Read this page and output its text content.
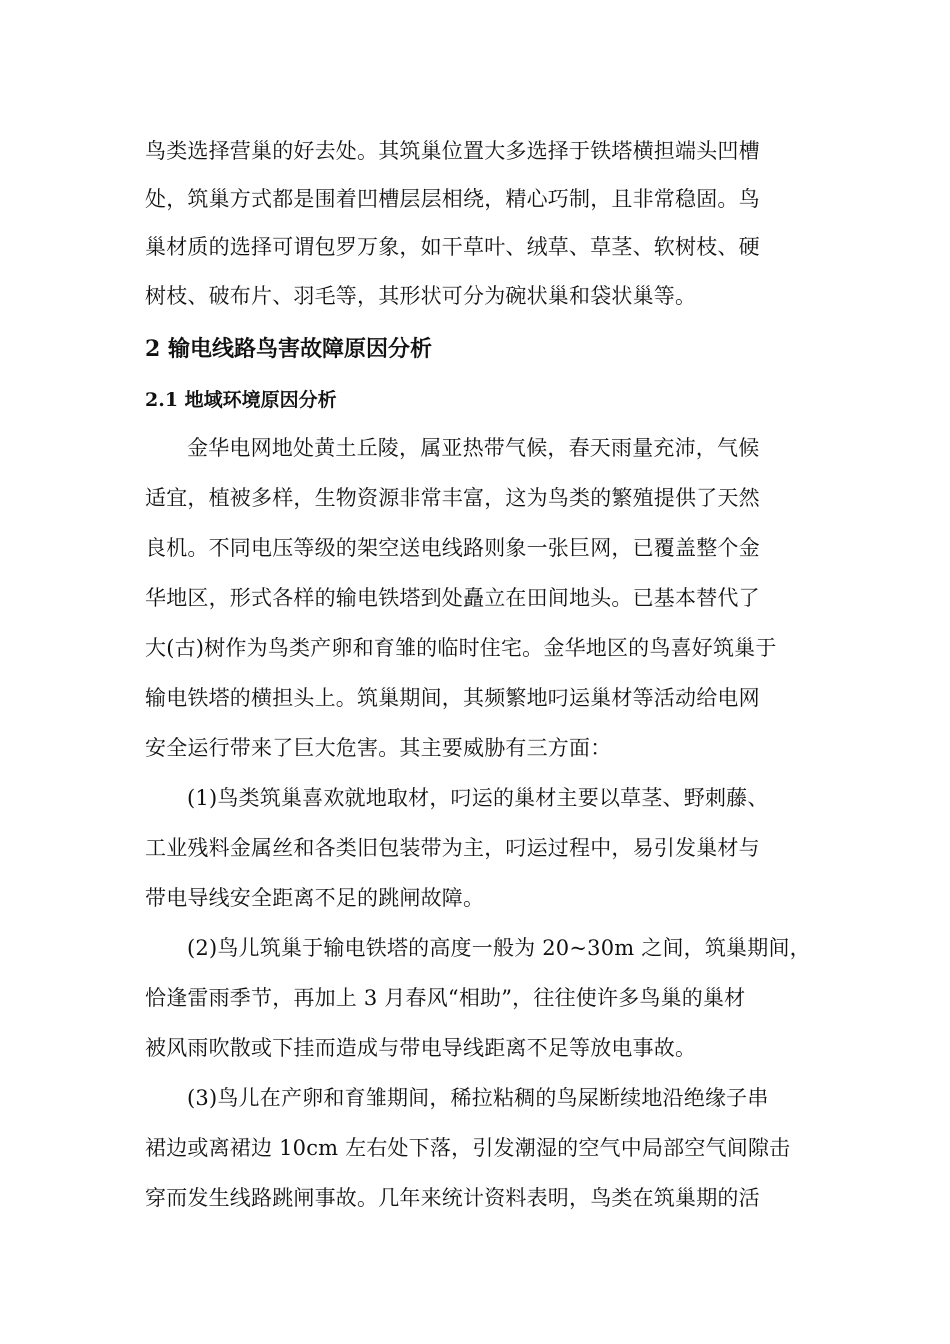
鸟类选择营巢的好去处。其筑巢位置大多选择于铁塔横担端头凹槽
处，筑巢方式都是围着凹槽层层相绕，精心巧制，且非常稳固。鸟
巢材质的选择可谓包罗万象，如干草叶、绒草、草茎、软树枝、硬
树枝、破布片、羽毛等，其形状可分为碗状巢和袋状巢等。
2 输电线路鸟害故障原因分析
2.1 地域环境原因分析
金华电网地处黄土丘陵，属亚热带气候，春天雨量充沛，气候
适宜，植被多样，生物资源非常丰富，这为鸟类的繁殖提供了天然
良机。不同电压等级的架空送电线路则象一张巨网，已覆盖整个金
华地区，形式各样的输电铁塔到处矗立在田间地头。已基本替代了
大(古)树作为鸟类产卵和育雏的临时住宅。金华地区的鸟喜好筑巢于
输电铁塔的横担头上。筑巢期间，其频繁地叼运巢材等活动给电网
安全运行带来了巨大危害。其主要威胁有三方面：
(1)鸟类筑巢喜欢就地取材，叼运的巢材主要以草茎、野刺藤、
工业残料金属丝和各类旧包装带为主，叼运过程中，易引发巢材与
带电导线安全距离不足的跳闸故障。
(2)鸟儿筑巢于输电铁塔的高度一般为 20~30m 之间，筑巢期间，
恰逢雷雨季节，再加上 3 月春风“相助”，往往使许多鸟巢的巢材
被风雨吹散或下挂而造成与带电导线距离不足等放电事故。
(3)鸟儿在产卵和育雏期间，稀拉粘稠的鸟屎断续地沿绝缘子串
裙边或离裙边 10cm 左右处下落，引发潮湿的空气中局部空气间隙击
穿而发生线路跳闸事故。几年来统计资料表明，鸟类在筑巢期的活
